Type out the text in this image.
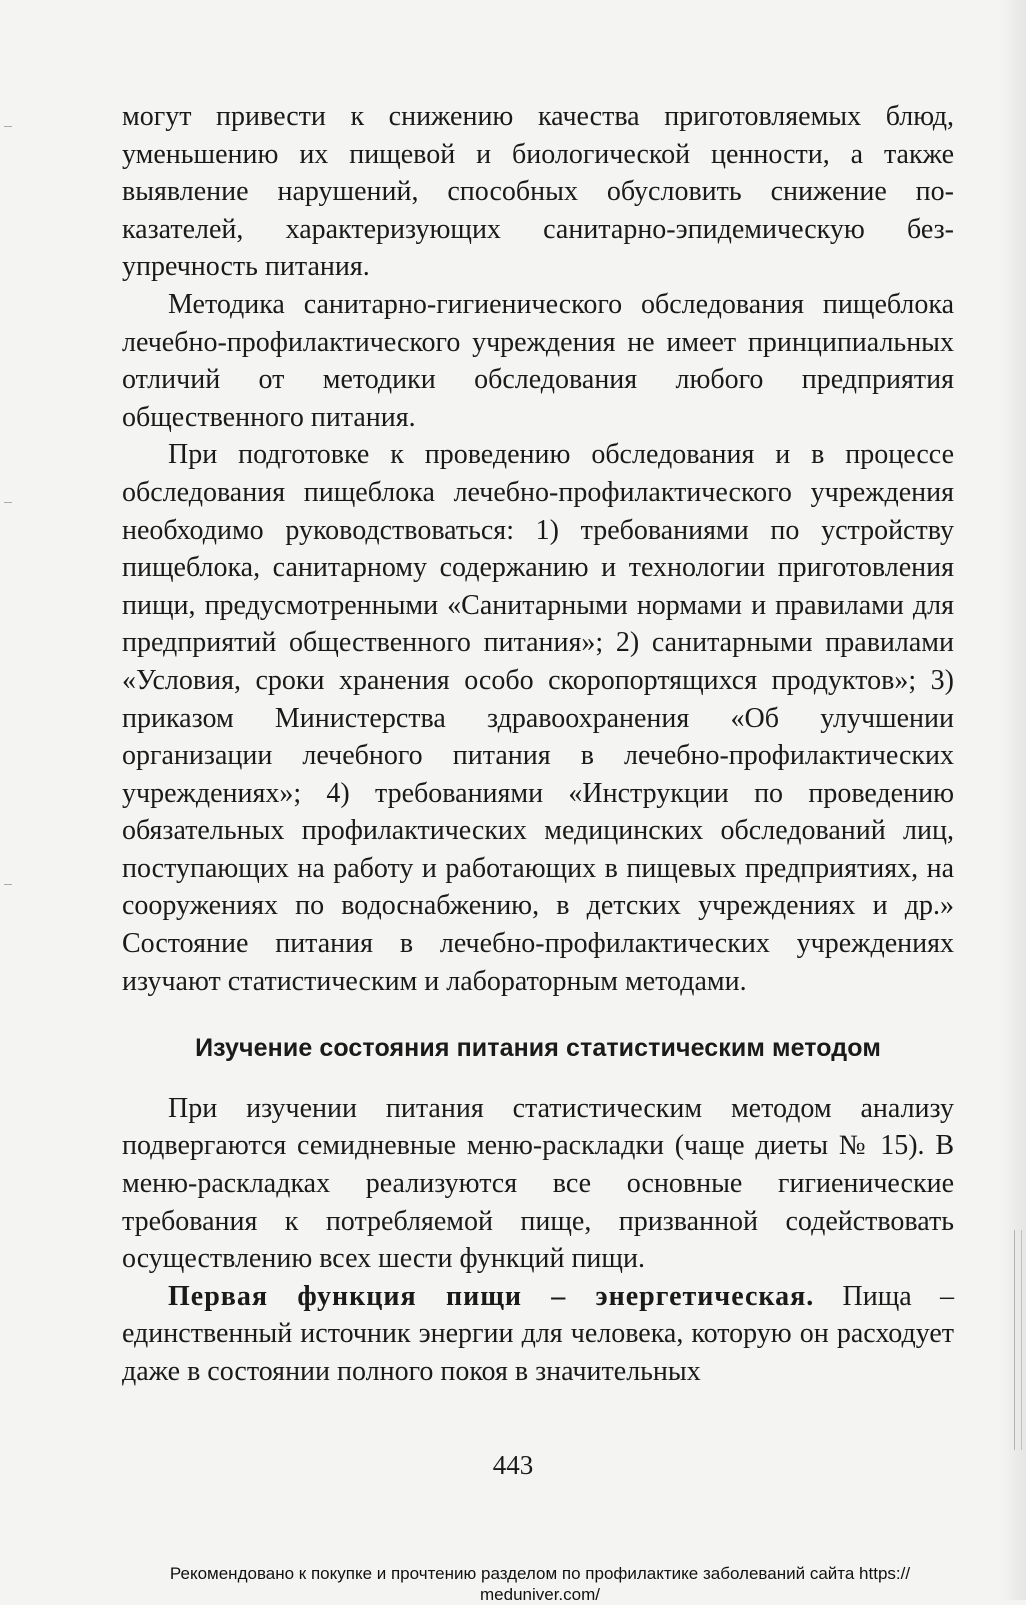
могут привести к снижению качества приготовляемых блюд, уменьшению их пищевой и биологической ценности, а также выявление нарушений, способных обусловить снижение показателей, характеризующих санитарно-эпидемическую безупречность питания.

Методика санитарно-гигиенического обследования пищеблока лечебно-профилактического учреждения не имеет принципиальных отличий от методики обследования любого предприятия общественного питания.

При подготовке к проведению обследования и в процессе обследования пищеблока лечебно-профилактического учреждения необходимо руководствоваться: 1) требованиями по устройству пищеблока, санитарному содержанию и технологии приготовления пищи, предусмотренными «Санитарными нормами и правилами для предприятий общественного питания»; 2) санитарными правилами «Условия, сроки хранения особо скоропортящихся продуктов»; 3) приказом Министерства здравоохранения «Об улучшении организации лечебного питания в лечебно-профилактических учреждениях»; 4) требованиями «Инструкции по проведению обязательных профилактических медицинских обследований лиц, поступающих на работу и работающих в пищевых предприятиях, на сооружениях по водоснабжению, в детских учреждениях и др.» Состояние питания в лечебно-профилактических учреждениях изучают статистическим и лабораторным методами.

Изучение состояния питания статистическим методом

При изучении питания статистическим методом анализу подвергаются семидневные меню-раскладки (чаще диеты № 15). В меню-раскладках реализуются все основные гигиенические требования к потребляемой пище, призванной содействовать осуществлению всех шести функций пищи.

Первая функция пищи – энергетическая. Пища – единственный источник энергии для человека, которую он расходует даже в состоянии полного покоя в значительных

443
Рекомендовано к покупке и прочтению разделом по профилактике заболеваний сайта https://
meduniver.com/
